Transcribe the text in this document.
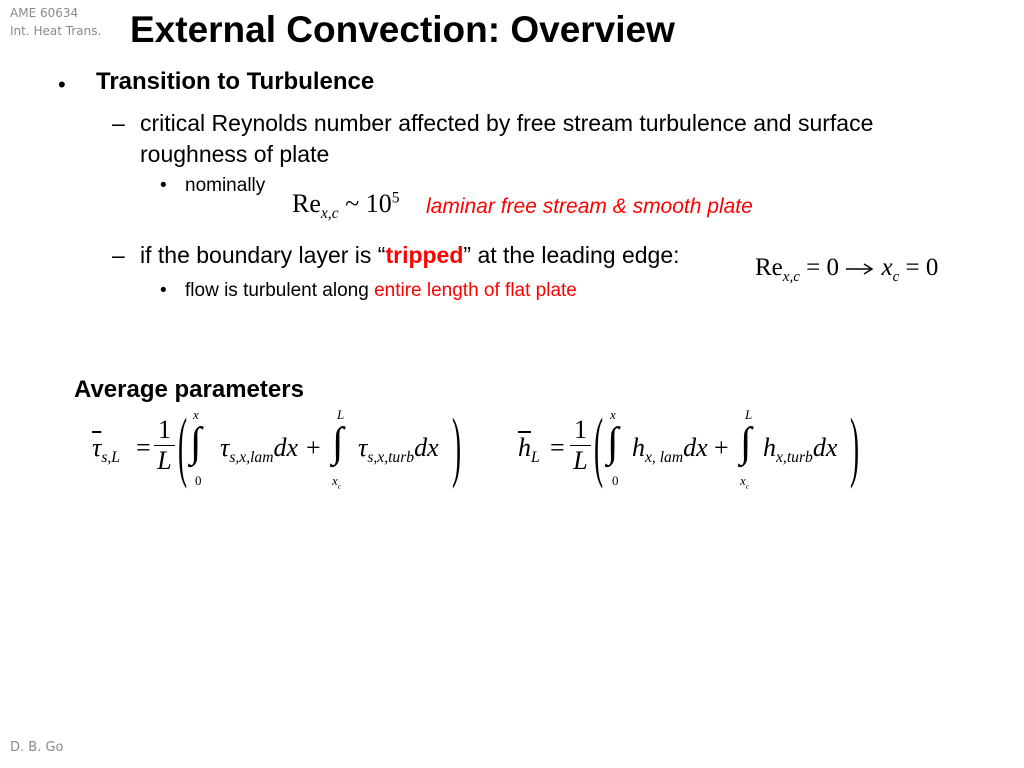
AME 60634
Int. Heat Trans. External Convection: Overview
• Transition to Turbulence
– critical Reynolds number affected by free stream turbulence and surface roughness of plate
• nominally
$Re_{x,c}$ ~ $10^5$ laminar free stream & smooth plate
– if the boundary layer is “tripped” at the leading edge:	$Re_{x,c} = 0$ $x_c = 0$
• flow is turbulent along entire length of flat plate
Average parameters
$\overline{\tau}_{s,L} = \frac{1}{L}$ ( x
∫
0
$\tau_{s,x,lam}dx$ +
L
∫
$x_c$
$\tau_{s,x,turb}dx$ ) $\overline{h}_L = \frac{1}{L}$ ( x
∫
0
$h_{x, lam}dx$ +
L
∫
$x_c$
$h_{x,turb}dx$ )
D. B. Go
